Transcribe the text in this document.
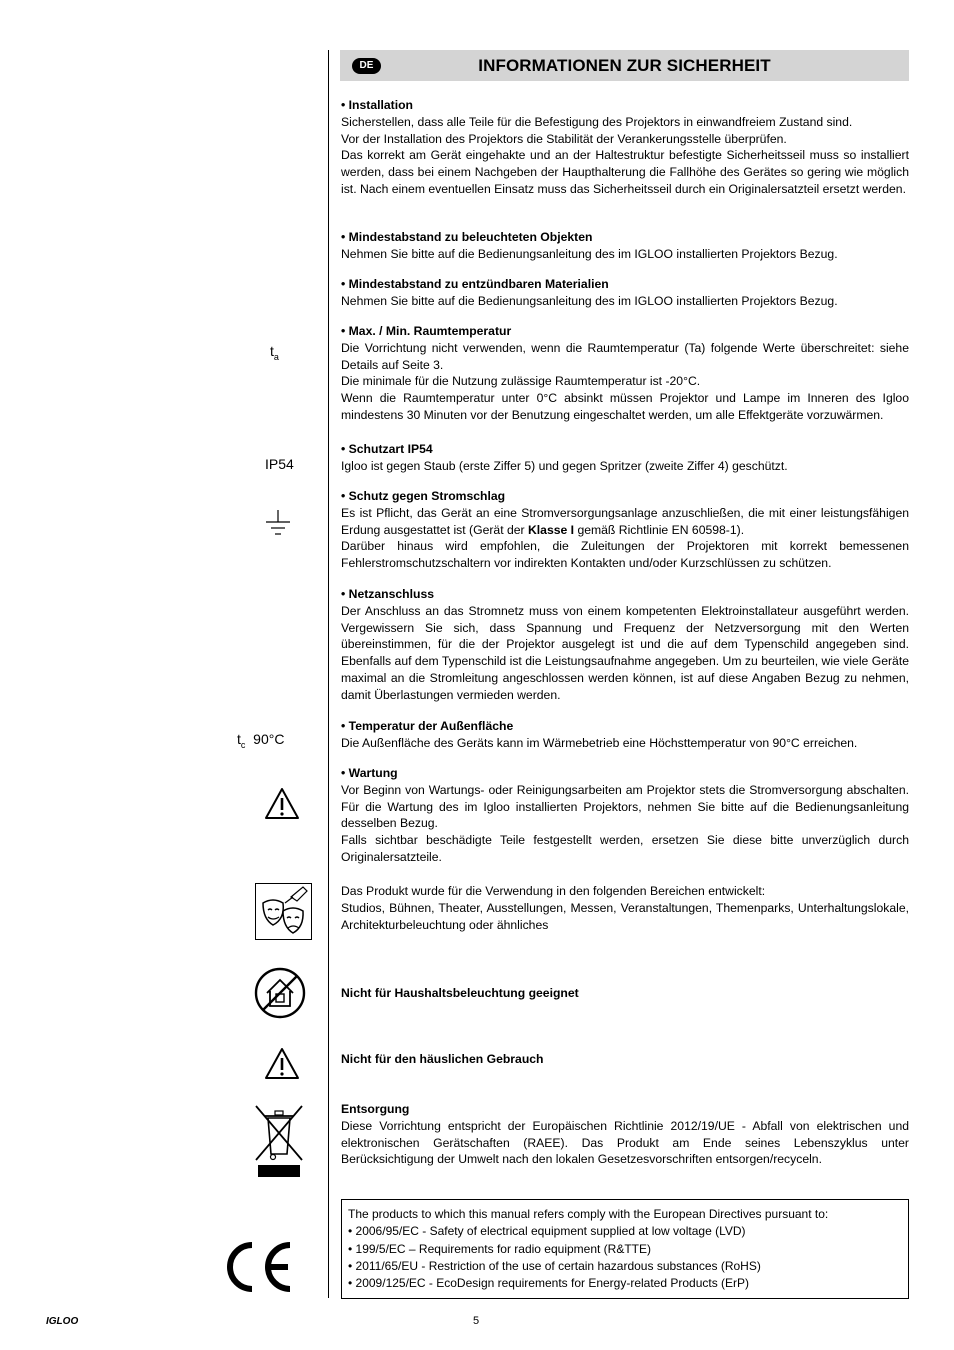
DE	INFORMATIONEN ZUR SICHERHEIT
$t_a$
IP54
$t_c$ 90°C
• Installation

Sicherstellen, dass alle Teile für die Befestigung des Projektors in einwandfreiem Zustand sind.

Vor der Installation des Projektors die Stabilität der Verankerungsstelle überprüfen.

Das korrekt am Gerät eingehakte und an der Haltestruktur befestigte Sicherheitsseil muss so installiert werden, dass bei einem Nachgeben der Haupthalterung die Fallhöhe des Gerätes so gering wie möglich ist. Nach einem eventuellen Einsatz muss das Sicherheitsseil durch ein Originalersatzteil ersetzt werden.

• Mindestabstand zu beleuchteten Objekten

Nehmen Sie bitte auf die Bedienungsanleitung des im IGLOO installierten Projektors Bezug.

• Mindestabstand zu entzündbaren Materialien

Nehmen Sie bitte auf die Bedienungsanleitung des im IGLOO installierten Projektors Bezug.

• Max. / Min. Raumtemperatur

Die Vorrichtung nicht verwenden, wenn die Raumtemperatur (Ta) folgende Werte überschreitet: siehe Details auf Seite 3.

Die minimale für die Nutzung zulässige Raumtemperatur ist -20°C.

Wenn die Raumtemperatur unter 0°C absinkt müssen Projektor und Lampe im Inneren des Igloo mindestens 30 Minuten vor der Benutzung eingeschaltet werden, um alle Effektgeräte vorzuwärmen.

• Schutzart IP54

Igloo ist gegen Staub (erste Ziffer 5) und gegen Spritzer (zweite Ziffer 4) geschützt.

• Schutz gegen Stromschlag

Es ist Pflicht, das Gerät an eine Stromversorgungsanlage anzuschließen, die mit einer leistungsfähigen Erdung ausgestattet ist (Gerät der Klasse I gemäß Richtlinie EN 60598-1).

Darüber hinaus wird empfohlen, die Zuleitungen der Projektoren mit korrekt bemessenen Fehlerstromschutzschaltern vor indirekten Kontakten und/oder Kurzschlüssen zu schützen.

• Netzanschluss

Der Anschluss an das Stromnetz muss von einem kompetenten Elektroinstallateur ausgeführt werden. Vergewissern Sie sich, dass Spannung und Frequenz der Netzversorgung mit den Werten übereinstimmen, für die der Projektor ausgelegt ist und die auf dem Typenschild angegeben sind. Ebenfalls auf dem Typenschild ist die Leistungsaufnahme angegeben. Um zu beurteilen, wie viele Geräte maximal an die Stromleitung angeschlossen werden können, ist auf diese Angaben Bezug zu nehmen, damit Überlastungen vermieden werden.

• Temperatur der Außenfläche

Die Außenfläche des Geräts kann im Wärmebetrieb eine Höchsttemperatur von 90°C erreichen.

• Wartung

Vor Beginn von Wartungs- oder Reinigungsarbeiten am Projektor stets die Stromversorgung abschalten. Für die Wartung des im Igloo installierten Projektors, nehmen Sie bitte auf die Bedienungsanleitung desselben Bezug.

Falls sichtbar beschädigte Teile festgestellt werden, ersetzen Sie diese bitte unverzüglich durch Originalersatzteile.

Das Produkt wurde für die Verwendung in den folgenden Bereichen entwickelt:

Studios, Bühnen, Theater, Ausstellungen, Messen, Veranstaltungen, Themenparks, Unterhaltungslokale, Architekturbeleuchtung oder ähnliches

Nicht für Haushaltsbeleuchtung geeignet
Nicht für den häuslichen Gebrauch
Entsorgung

Diese Vorrichtung entspricht der Europäischen Richtlinie 2012/19/UE - Abfall von elektrischen und elektronischen Gerätschaften (RAEE). Das Produkt am Ende seines Lebenszyklus unter Berücksichtigung der Umwelt nach den lokalen Gesetzesvorschriften entsorgen/recyceln.

The products to which this manual refers comply with the European Directives pursuant to:

• 2006/95/EC - Safety of electrical equipment supplied at low voltage (LVD)
• 199/5/EC – Requirements for radio equipment (R&TTE)
• 2011/65/EU - Restriction of the use of certain hazardous substances (RoHS)
• 2009/125/EC - EcoDesign requirements for Energy-related Products (ErP)
IGLOO	5
